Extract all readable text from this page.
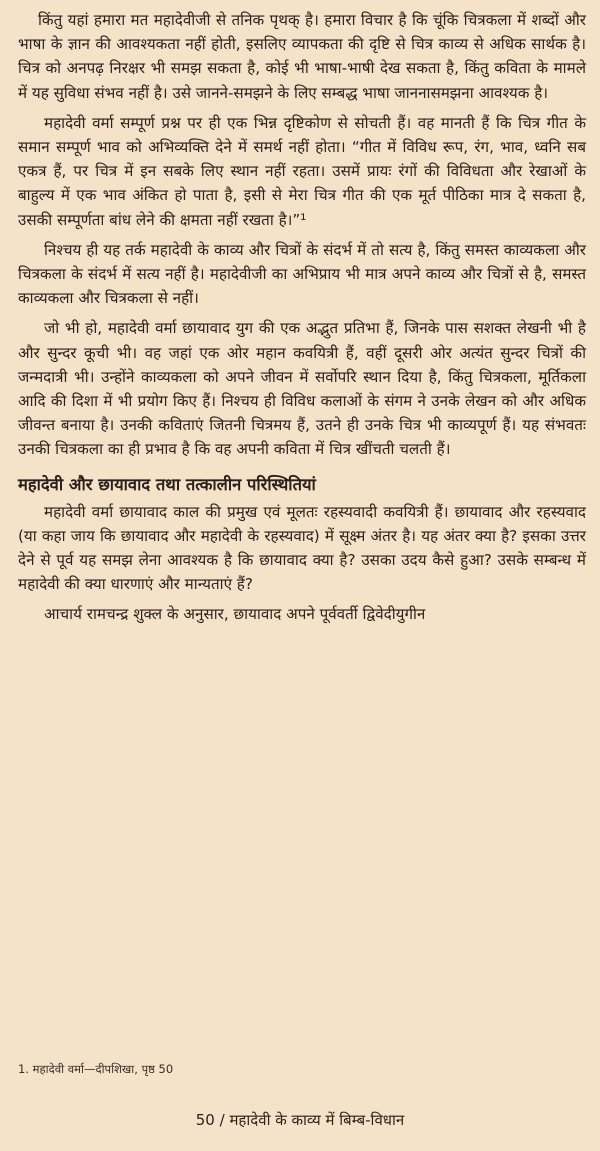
किंतु यहां हमारा मत महादेवीजी से तनिक पृथक् है। हमारा विचार है कि चूंकि चित्रकला में शब्दों और भाषा के ज्ञान की आवश्यकता नहीं होती, इसलिए व्यापकता की दृष्टि से चित्र काव्य से अधिक सार्थक है। चित्र को अनपढ़ निरक्षर भी समझ सकता है, कोई भी भाषा-भाषी देख सकता है, किंतु कविता के मामले में यह सुविधा संभव नहीं है। उसे जानने-समझने के लिए सम्बद्ध भाषा जाननासमझना आवश्यक है।

महादेवी वर्मा सम्पूर्ण प्रश्न पर ही एक भिन्न दृष्टिकोण से सोचती हैं। वह मानती हैं कि चित्र गीत के समान सम्पूर्ण भाव को अभिव्यक्ति देने में समर्थ नहीं होता। “गीत में विविध रूप, रंग, भाव, ध्वनि सब एकत्र हैं, पर चित्र में इन सबके लिए स्थान नहीं रहता। उसमें प्रायः रंगों की विविधता और रेखाओं के बाहुल्य में एक भाव अंकित हो पाता है, इसी से मेरा चित्र गीत की एक मूर्त पीठिका मात्र दे सकता है, उसकी सम्पूर्णता बांध लेने की क्षमता नहीं रखता है।”¹

निश्चय ही यह तर्क महादेवी के काव्य और चित्रों के संदर्भ में तो सत्य है, किंतु समस्त काव्यकला और चित्रकला के संदर्भ में सत्य नहीं है। महादेवीजी का अभिप्राय भी मात्र अपने काव्य और चित्रों से है, समस्त काव्यकला और चित्रकला से नहीं।

जो भी हो, महादेवी वर्मा छायावाद युग की एक अद्भुत प्रतिभा हैं, जिनके पास सशक्त लेखनी भी है और सुन्दर कूची भी। वह जहां एक ओर महान कवयित्री हैं, वहीं दूसरी ओर अत्यंत सुन्दर चित्रों की जन्मदात्री भी। उन्होंने काव्यकला को अपने जीवन में सर्वोपरि स्थान दिया है, किंतु चित्रकला, मूर्तिकला आदि की दिशा में भी प्रयोग किए हैं। निश्चय ही विविध कलाओं के संगम ने उनके लेखन को और अधिक जीवन्त बनाया है। उनकी कविताएं जितनी चित्रमय हैं, उतने ही उनके चित्र भी काव्यपूर्ण हैं। यह संभवतः उनकी चित्रकला का ही प्रभाव है कि वह अपनी कविता में चित्र खींचती चलती हैं।

महादेवी और छायावाद तथा तत्कालीन परिस्थितियां

महादेवी वर्मा छायावाद काल की प्रमुख एवं मूलतः रहस्यवादी कवयित्री हैं। छायावाद और रहस्यवाद (या कहा जाय कि छायावाद और महादेवी के रहस्यवाद) में सूक्ष्म अंतर है। यह अंतर क्या है? इसका उत्तर देने से पूर्व यह समझ लेना आवश्यक है कि छायावाद क्या है? उसका उदय कैसे हुआ? उसके सम्बन्ध में महादेवी की क्या धारणाएं और मान्यताएं हैं?

आचार्य रामचन्द्र शुक्ल के अनुसार, छायावाद अपने पूर्ववर्ती द्विवेदीयुगीन

1. महादेवी वर्मा—दीपशिखा, पृष्ठ 50
50 / महादेवी के काव्य में बिम्ब-विधान
